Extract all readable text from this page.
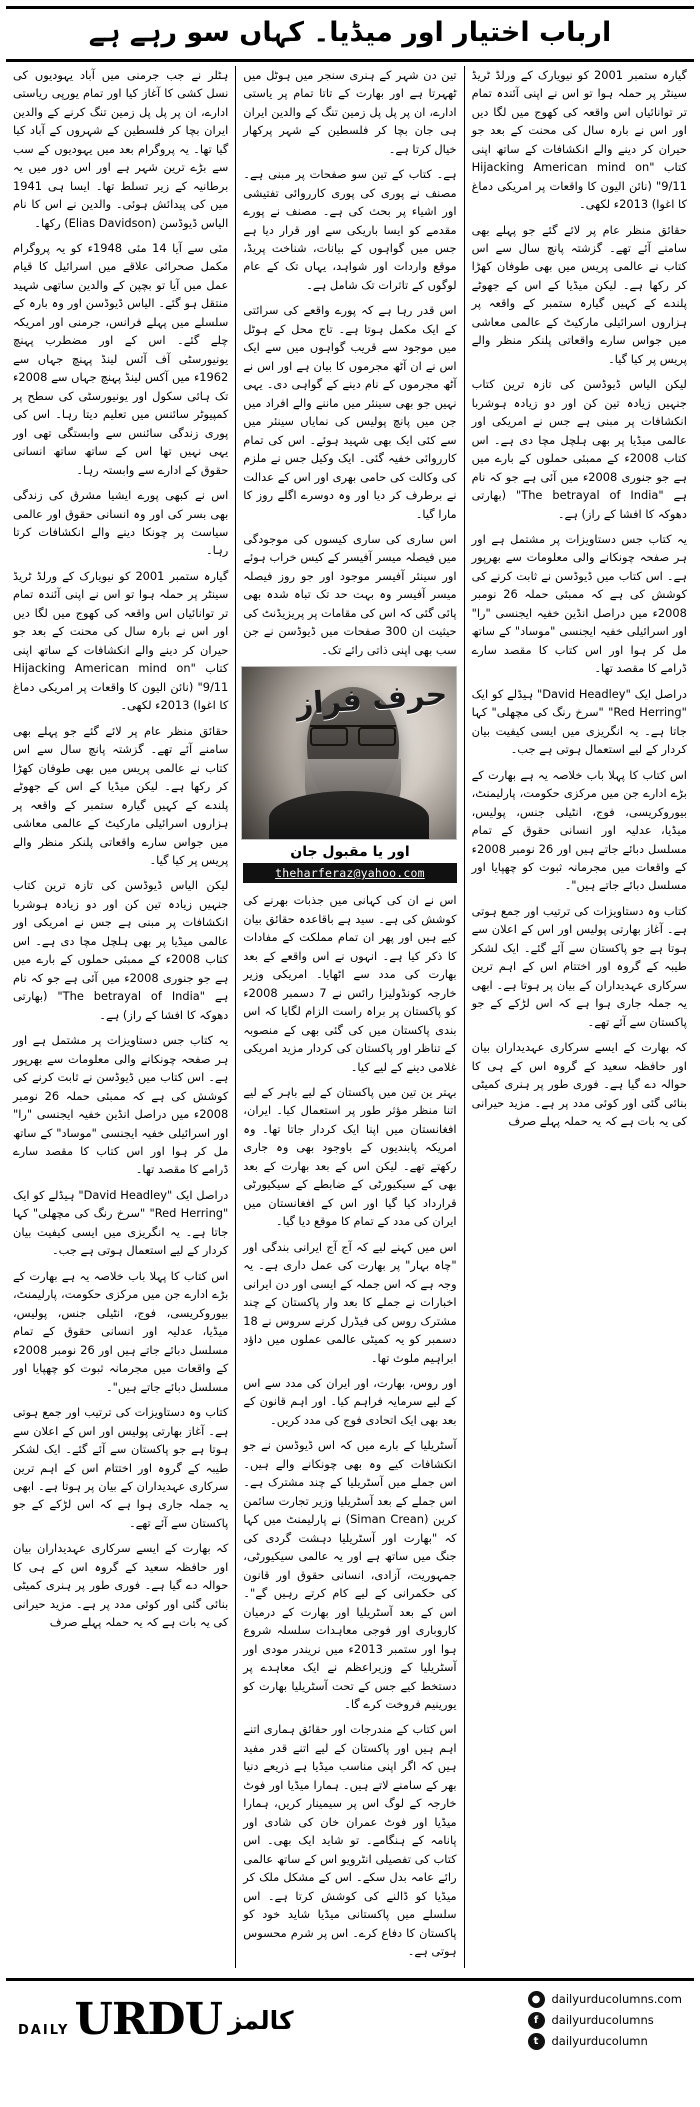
ارباب اختیار اور میڈیا۔ کہاں سو رہے ہے

ہٹلر نے جب جرمنی میں آباد یہودیوں کی نسل کشی کا آغاز کیا اور تمام یورپی ریاستی ادارے، ان پر پل پل زمین تنگ کرنے کے والدین ایران بچا کر فلسطین کے شہروں کے آباد کیا گیا تھا۔ یہ پروگرام بعد میں یہودیوں کے سب سے بڑے ترین شہر ہے اور اس دور میں یہ برطانیہ کے زیر تسلط تھا۔ ایسا ہی 1941 میں کی پیدائش ہوئی۔ والدین نے اس کا نام الیاس ڈیوڈسن (Elias Davidson) رکھا۔

مئی سے آیا 14 مئی 1948ء کو یہ پروگرام مکمل صحرائی علاقے میں اسرائیل کا قیام عمل میں آیا تو بچپن کے والدین ساتھی شہید منتقل ہو گئے۔ الیاس ڈیوڈسن اور وہ بارہ کے سلسلے میں پہلے فرانس، جرمنی اور امریکہ چلے گئے۔ اس کے اور مضطرب پہنچ یونیورسٹی آف آئس لینڈ پہنچ جہاں سے 1962ء میں آکس لینڈ پہنچ جہاں سے 2008ء تک ہائی سکول اور یونیورسٹی کی سطح پر کمپیوٹر سائنس میں تعلیم دیتا رہا۔ اس کی پوری زندگی سائنس سے وابستگی تھی اور یہی نہیں تھا اس کے ساتھ ساتھ انسانی حقوق کے ادارے سے وابستہ رہا۔

اس نے کبھی پورے ایشیا مشرق کی زندگی بھی بسر کی اور وہ انسانی حقوق اور عالمی سیاست پر چونکا دینے والے انکشافات کرتا رہا۔

گیارہ ستمبر 2001 کو نیویارک کے ورلڈ ٹریڈ سینٹر پر حملہ ہوا تو اس نے اپنی آئندہ تمام تر توانائیاں اس واقعہ کی کھوج میں لگا دیں اور اس نے بارہ سال کی محنت کے بعد جو حیران کر دینے والے انکشافات کے ساتھ اپنی کتاب "Hijacking American mind on 9/11" (نائن الیون کا واقعات پر امریکی دماغ کا اغوا) 2013ء لکھی۔

حقائق منظر عام پر لائے گئے جو پہلے بھی سامنے آئے تھے۔ گزشتہ پانچ سال سے اس کتاب نے عالمی پریس میں بھی طوفان کھڑا کر رکھا ہے۔ لیکن میڈیا کے اس کے جھوٹے پلندے کے کہیں گیارہ ستمبر کے واقعہ پر ہزاروں اسرائیلی مارکیٹ کے عالمی معاشی میں جواس سارے واقعاتی پلنکر منظر والے پریس پر کیا گیا۔

لیکن الیاس ڈیوڈسن کی تازہ ترین کتاب جنہیں زیادہ تین کن اور دو زیادہ ہوشربا انکشافات پر مبنی ہے جس نے امریکی اور عالمی میڈیا پر بھی ہلچل مچا دی ہے۔ اس کتاب 2008ء کے ممبئی حملوں کے بارے میں ہے جو جنوری 2008ء میں آئی ہے جو کہ نام ہے "The betrayal of India" (بھارتی دھوکہ کا افشا کے راز) ہے۔

یہ کتاب جس دستاویزات پر مشتمل ہے اور ہر صفحہ چونکانے والی معلومات سے بھرپور ہے۔ اس کتاب میں ڈیوڈسن نے ثابت کرنے کی کوشش کی ہے کہ ممبئی حملہ 26 نومبر 2008ء میں دراصل انڈین خفیہ ایجنسی "را" اور اسرائیلی خفیہ ایجنسی "موساد" کے ساتھ مل کر ہوا اور اس کتاب کا مقصد سارے ڈرامے کا مقصد تھا۔

دراصل ایک "David Headley" ہیڈلے کو ایک "Red Herring" "سرخ رنگ کی مچھلی" کہا جاتا ہے۔ یہ انگریزی میں ایسی کیفیت بیان کردار کے لیے استعمال ہوتی ہے جب۔

اس کتاب کا پہلا باب خلاصہ یہ ہے بھارت کے بڑے ادارے جن میں مرکزی حکومت، پارلیمنٹ، بیوروکریسی، فوج، انٹیلی جنس، پولیس، میڈیا، عدلیہ اور انسانی حقوق کے تمام مسلسل دبائے جاتے ہیں اور 26 نومبر 2008ء کے واقعات میں مجرمانہ ثبوت کو چھپایا اور مسلسل دبائے جاتے ہیں"۔

کتاب وہ دستاویزات کی ترتیب اور جمع ہوتی ہے۔ آغاز بھارتی پولیس اور اس کے اعلان سے ہوتا ہے جو پاکستان سے آئے گئے۔ ایک لشکر طیبہ کے گروہ اور اختتام اس کے اہم ترین سرکاری عہدیداران کے بیان پر ہوتا ہے۔ ابھی یہ جملہ جاری ہوا ہے کہ اس لڑکے کے جو پاکستان سے آئے تھے۔

کہ بھارت کے ایسے سرکاری عہدیداران بیان اور حافظہ سعید کے گروہ اس کے ہی کا حوالہ دے گیا ہے۔ فوری طور پر ہنری کمیٹی بنائی گئی اور کوئی مدد پر ہے۔ مزید حیرانی کی یہ بات ہے کہ یہ حملہ پہلے صرف

تین دن شہر کے ہنری سنجر میں ہوٹل میں ٹھہرتا ہے اور بھارت کے تاتا تمام پر یاستی ادارے، ان پر پل پل زمین تنگ کے والدین ایران ہی جان بچا کر فلسطین کے شہر پرکھار خیال کرتا ہے۔

ہے۔ کتاب کے تین سو صفحات پر مبنی ہے۔ مصنف نے پوری کی پوری کارروائی تفتیشی اور اشیاء پر بحث کی ہے۔ مصنف نے پورے مقدمے کو ایسا باریکی سے اور قرار دیا ہے جس میں گواہوں کے بیانات، شناخت پریڈ، موقع واردات اور شواہد، یہاں تک کے عام لوگوں کے تاثرات تک شامل ہے۔

اس قدر رہا ہے کہ پورے واقعے کی سرائتی کے ایک مکمل ہوتا ہے۔ تاج محل کے ہوٹل میں موجود سے قریب گواہوں میں سے ایک اس نے ان آٹھ مجرموں کا بیان ہے اور اس نے آٹھ مجرموں کے نام دینے کے گواہی دی۔ یہی نہیں جو بھی سینئر میں ماننے والے افراد میں جن میں پانچ پولیس کی نمایاں سینئر میں سے کئی ایک بھی شہید ہوئے۔ اس کی تمام کارروائی خفیہ گئی۔ ایک وکیل جس نے ملزم کی وکالت کی حامی بھری اور اس کے عدالت نے برطرف کر دیا اور وہ دوسرے اگلے روز کا مارا گیا۔

اس ساری کی ساری کیسوں کی موجودگی میں فیصلہ میسر آفیسر کے کیس خراب ہوئے اور سینئر آفیسر موجود اور جو روز فیصلہ میسر آفیسر وہ بہت حد تک تباہ شدہ بھی پائی گئی کہ اس کی مقامات پر پریزیڈنٹ کی حیثیت ان 300 صفحات میں ڈیوڈسن نے جن سب بھی اپنی ذاتی رائے تک۔

حرف فراز
اور یا مقبول جان
theharferaz@yahoo.com

اس نے ان کی کہانی میں جذبات بھرنے کی کوشش کی ہے۔ سید ہے باقاعدہ حقائق بیان کیے ہیں اور پھر ان تمام مملکت کے مفادات کا ذکر کیا ہے۔ انہوں نے اس واقعے کے بعد بھارت کی مدد سے اٹھایا۔ امریکی وزیر خارجہ کونڈولیزا رائس نے 7 دسمبر 2008ء کو پاکستان پر براہ راست الزام لگایا کہ اس بندی پاکستان میں کی گئی بھی کے منصوبہ کے تناظر اور پاکستان کی کردار مزید امریکی غلامی دینے کے لیے کیا۔

بہتر ین تین میں پاکستان کے لیے باہر کے لیے اتنا منظر مؤثر طور پر استعمال کیا۔ ایران، افغانستان میں اپنا ایک کردار جاتا تھا۔ وہ امریکہ پابندیوں کے باوجود بھی وہ جاری رکھتے تھے۔ لیکن اس کے بعد بھارت کے بعد بھی کے سیکیورٹی کے ضابطے کے سیکیورٹی قرارداد کیا گیا اور اس کے افغانستان میں ایران کی مدد کے تمام کا موقع دیا گیا۔

اس میں کہنے لیے کہ آج آج ایرانی بندگی اور "چاہ بہار" پر بھارت کی عمل داری ہے۔ یہ وجہ ہے کہ اس جملہ کے ایسی اور دن ایرانی اخبارات نے جملے کا بعد وار پاکستان کے چند مشترک روس کی فیڈرل کرنے سروس نے 18 دسمبر کو یہ کمیٹی عالمی عملوں میں داؤد ابراہیم ملوث تھا۔

اور روس، بھارت، اور ایران کی مدد سے اس کے لیے سرمایہ فراہم کیا۔ اور اہم قانون کے بعد بھی ایک اتحادی فوج کی مدد کریں۔

آسٹریلیا کے بارے میں کہ اس ڈیوڈسن نے جو انکشافات کیے وہ بھی چونکانے والے ہیں۔ اس جملے میں آسٹریلیا کے چند مشترک ہے۔ اس جملے کے بعد آسٹریلیا وزیر تجارت سائمن کرین (Siman Crean) نے پارلیمنٹ میں کہا کہ "بھارت اور آسٹریلیا دہشت گردی کی جنگ میں ساتھ ہے اور یہ عالمی سیکیورٹی، جمہوریت، آزادی، انسانی حقوق اور قانون کی حکمرانی کے لیے کام کرتے رہیں گے"۔ اس کے بعد آسٹریلیا اور بھارت کے درمیان کاروباری اور فوجی معاہدات سلسلہ شروع ہوا اور ستمبر 2013ء میں نریندر مودی اور آسٹریلیا کے وزیراعظم نے ایک معاہدے پر دستخط کیے جس کے تحت آسٹریلیا بھارت کو یورینیم فروخت کرے گا۔

اس کتاب کے مندرجات اور حقائق ہماری اتنے اہم ہیں اور پاکستان کے لیے اتنے قدر مفید ہیں کہ اگر اپنی مناسب میڈیا ہے ذریعے دنیا بھر کے سامنے لاتے ہیں۔ ہمارا میڈیا اور فوٹ خارجہ کے لوگ اس پر سیمینار کریں، ہمارا میڈیا اور فوٹ عمران خان کی شادی اور پانامہ کے ہنگامے۔ تو شاید ایک بھی۔ اس کتاب کی تفصیلی انٹرویو اس کے ساتھ عالمی رائے عامہ بدل سکے۔ اس کے مشکل ملک کر میڈیا کو ڈالنے کی کوشش کرتا ہے۔ اس سلسلے میں پاکستانی میڈیا شاید خود کو پاکستان کا دفاع کرے۔ اس پر شرم محسوس ہوتی ہے۔

گیارہ ستمبر 2001 کو نیویارک کے ورلڈ ٹریڈ سینٹر پر حملہ ہوا تو اس نے اپنی آئندہ تمام تر توانائیاں اس واقعہ کی کھوج میں لگا دیں اور اس نے بارہ سال کی محنت کے بعد جو حیران کر دینے والے انکشافات کے ساتھ اپنی کتاب "Hijacking American mind on 9/11" (نائن الیون کا واقعات پر امریکی دماغ کا اغوا) 2013ء لکھی۔

حقائق منظر عام پر لائے گئے جو پہلے بھی سامنے آئے تھے۔ گزشتہ پانچ سال سے اس کتاب نے عالمی پریس میں بھی طوفان کھڑا کر رکھا ہے۔ لیکن میڈیا کے اس کے جھوٹے پلندے کے کہیں گیارہ ستمبر کے واقعہ پر ہزاروں اسرائیلی مارکیٹ کے عالمی معاشی میں جواس سارے واقعاتی پلنکر منظر والے پریس پر کیا گیا۔

لیکن الیاس ڈیوڈسن کی تازہ ترین کتاب جنہیں زیادہ تین کن اور دو زیادہ ہوشربا انکشافات پر مبنی ہے جس نے امریکی اور عالمی میڈیا پر بھی ہلچل مچا دی ہے۔ اس کتاب 2008ء کے ممبئی حملوں کے بارے میں ہے جو جنوری 2008ء میں آئی ہے جو کہ نام ہے "The betrayal of India" (بھارتی دھوکہ کا افشا کے راز) ہے۔

یہ کتاب جس دستاویزات پر مشتمل ہے اور ہر صفحہ چونکانے والی معلومات سے بھرپور ہے۔ اس کتاب میں ڈیوڈسن نے ثابت کرنے کی کوشش کی ہے کہ ممبئی حملہ 26 نومبر 2008ء میں دراصل انڈین خفیہ ایجنسی "را" اور اسرائیلی خفیہ ایجنسی "موساد" کے ساتھ مل کر ہوا اور اس کتاب کا مقصد سارے ڈرامے کا مقصد تھا۔

دراصل ایک "David Headley" ہیڈلے کو ایک "Red Herring" "سرخ رنگ کی مچھلی" کہا جاتا ہے۔ یہ انگریزی میں ایسی کیفیت بیان کردار کے لیے استعمال ہوتی ہے جب۔

اس کتاب کا پہلا باب خلاصہ یہ ہے بھارت کے بڑے ادارے جن میں مرکزی حکومت، پارلیمنٹ، بیوروکریسی، فوج، انٹیلی جنس، پولیس، میڈیا، عدلیہ اور انسانی حقوق کے تمام مسلسل دبائے جاتے ہیں اور 26 نومبر 2008ء کے واقعات میں مجرمانہ ثبوت کو چھپایا اور مسلسل دبائے جاتے ہیں"۔

کتاب وہ دستاویزات کی ترتیب اور جمع ہوتی ہے۔ آغاز بھارتی پولیس اور اس کے اعلان سے ہوتا ہے جو پاکستان سے آئے گئے۔ ایک لشکر طیبہ کے گروہ اور اختتام اس کے اہم ترین سرکاری عہدیداران کے بیان پر ہوتا ہے۔ ابھی یہ جملہ جاری ہوا ہے کہ اس لڑکے کے جو پاکستان سے آئے تھے۔

کہ بھارت کے ایسے سرکاری عہدیداران بیان اور حافظہ سعید کے گروہ اس کے ہی کا حوالہ دے گیا ہے۔ فوری طور پر ہنری کمیٹی بنائی گئی اور کوئی مدد پر ہے۔ مزید حیرانی کی یہ بات ہے کہ یہ حملہ پہلے صرف

کالمز
DAILY URDU	● dailyurducolumns.com
f	dailyurducolumns
t	dailyurducolumn
